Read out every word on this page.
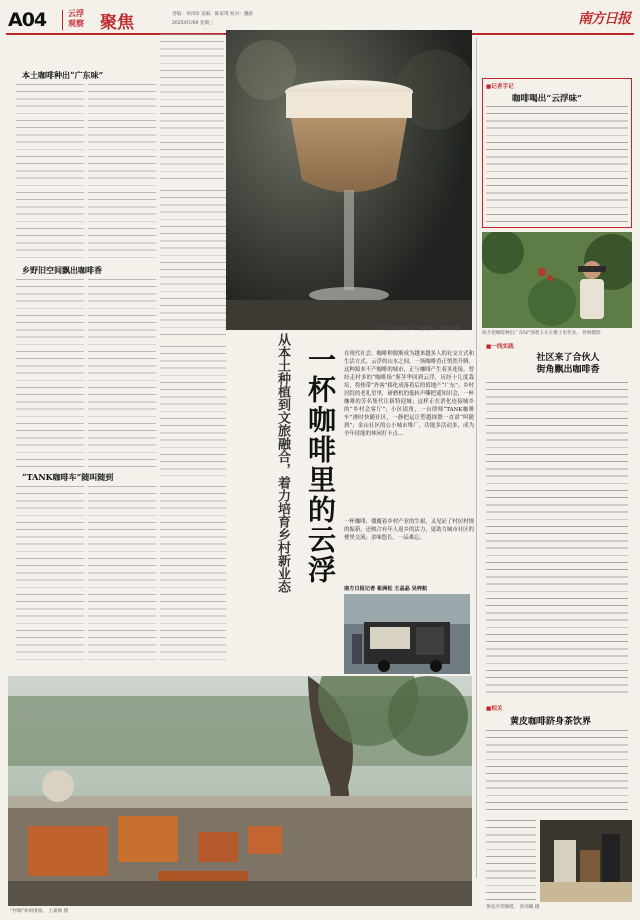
A04	云浮
观察 聚焦	责编：李四珍 美编：陈家琪 校对：魏新
2025/07/09 星期三	南方日报
本土咖啡种出“广东味”
乡野旧空间飘出咖啡香
“TANK咖啡车”随叫随到
“山音云浮”的千人力独花啡。 薛丰明 摄
一杯咖啡里的云浮
从本土种植到文旅融合，着力培育乡村新业态	在现代社会，咖啡种源渐成为越来越多人的社交方式和生活方式。云浮的山水之间，一场咖啡香正悄然升腾。这种源本不产咖啡的城市，正与咖啡产生着多连接。曾经走村多的“咖啡场”鉴茎华回到云浮，历经十几度栽培，将热带“外客”移化成落着后的值地产“广东”；乡村居院的老礼堂里，研磨机的低转声嘶把遥知识会，一杯咖啡的芳名集代让新特迎城；这样正在消化连接城乡的“乡村会客厅”；小区街角，一台律师“TANK咖啡车”滑时快随社区，一静把运让塑越探馈一直诺“叫随到”；金山社区的公小城市堆厂，功能多活动多，成为全年持能的休闲打卡点…
一杯咖啡，僵覆着乡村产业的生艰，又见证了村居村规的振新，还映合有年人返乡的活力，更助力城市社区的便里交流；余味悠长，一品难忘。
南方日报记者 崔洲松 王晶晶 吴梓航
■记者手记
咖啡喝出“云浮味”
阳介把咖啡种出广东味“郭碧玉在在摄子里作业。 曾林摄影
■一线实践
社区来了合伙人
街角飘出咖啡香
■相关
黄皮咖啡跻身茶饮界
黄皮冷萃咖啡。 曾沛珮 摄
“村咖”休闲滑坡。 王嘉源 摄
